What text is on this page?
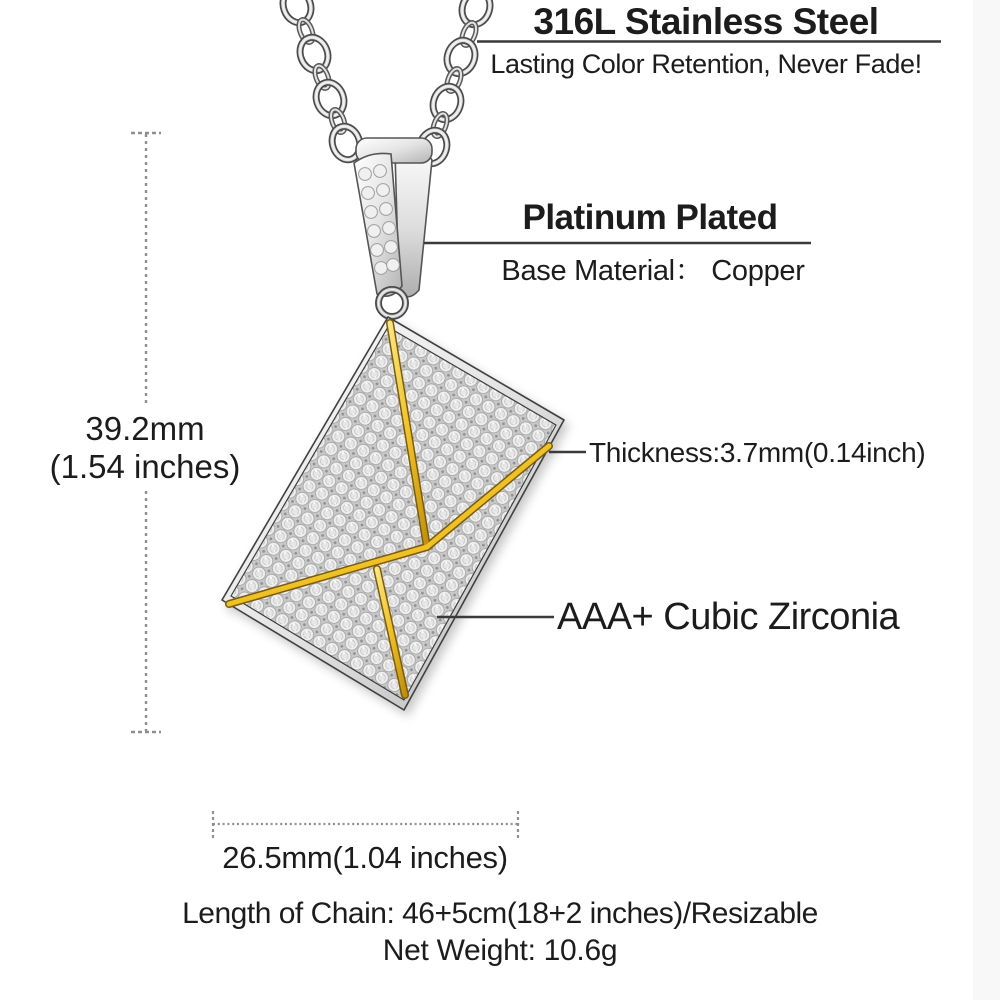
316L Stainless Steel
Lasting Color Retention, Never Fade!
Platinum Plated
Base Material： Copper
Thickness:3.7mm(0.14inch)
AAA+ Cubic Zirconia
39.2mm
(1.54 inches)
26.5mm(1.04 inches)
Length of Chain: 46+5cm(18+2 inches)/Resizable
Net Weight: 10.6g
